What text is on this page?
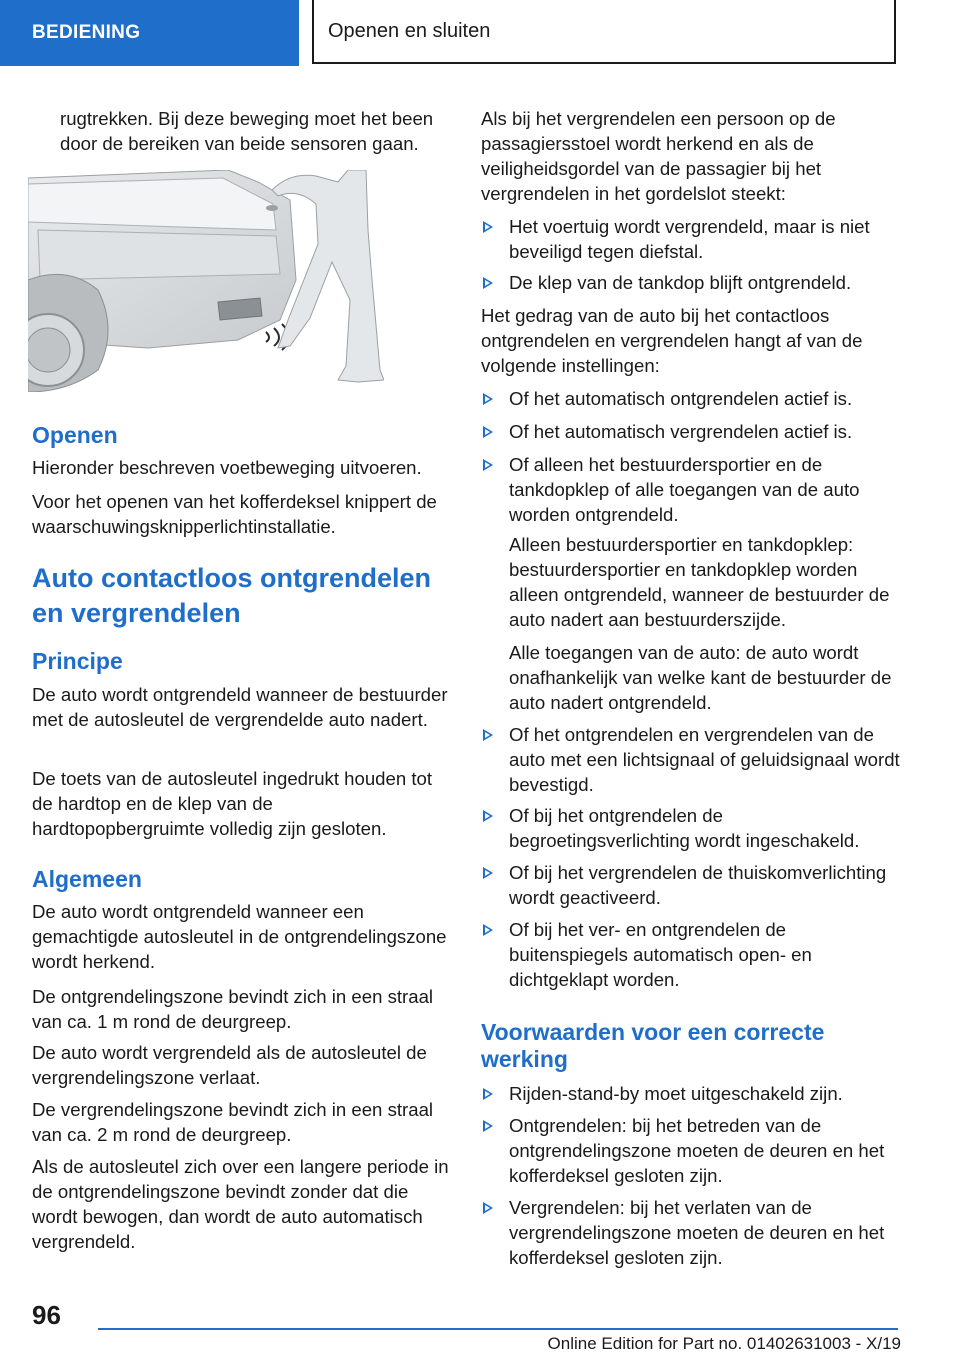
BEDIENING	Openen en sluiten

rugtrekken. Bij deze beweging moet het been door de bereiken van beide sensoren gaan.

Openen

Hieronder beschreven voetbeweging uitvoeren.

Voor het openen van het kofferdeksel knippert de waarschuwingsknipperlichtinstallatie.

Auto contactloos ontgrendelen en vergrendelen
Principe

De auto wordt ontgrendeld wanneer de bestuurder met de autosleutel de vergrendelde auto nadert.

De toets van de autosleutel ingedrukt houden tot de hardtop en de klep van de hardtopopbergruimte volledig zijn gesloten.

Algemeen

De auto wordt ontgrendeld wanneer een gemachtigde autosleutel in de ontgrendelingszone wordt herkend.

De ontgrendelingszone bevindt zich in een straal van ca. 1 m rond de deurgreep.

De auto wordt vergrendeld als de autosleutel de vergrendelingszone verlaat.

De vergrendelingszone bevindt zich in een straal van ca. 2 m rond de deurgreep.

Als de autosleutel zich over een langere periode in de ontgrendelingszone bevindt zonder dat die wordt bewogen, dan wordt de auto automatisch vergrendeld.

Als bij het vergrendelen een persoon op de passagiersstoel wordt herkend en als de veiligheidsgordel van de passagier bij het vergrendelen in het gordelslot steekt:

Het voertuig wordt vergrendeld, maar is niet beveiligd tegen diefstal.
De klep van de tankdop blijft ontgrendeld.

Het gedrag van de auto bij het contactloos ontgrendelen en vergrendelen hangt af van de volgende instellingen:

Of het automatisch ontgrendelen actief is.
Of het automatisch vergrendelen actief is.
Of alleen het bestuurdersportier en de tankdopklep of alle toegangen van de auto worden ontgrendeld.

Alleen bestuurdersportier en tankdopklep: bestuurdersportier en tankdopklep worden alleen ontgrendeld, wanneer de bestuurder de auto nadert aan bestuurderszijde.

Alle toegangen van de auto: de auto wordt onafhankelijk van welke kant de bestuurder de auto nadert ontgrendeld.

Of het ontgrendelen en vergrendelen van de auto met een lichtsignaal of geluidsignaal wordt bevestigd.
Of bij het ontgrendelen de begroetingsverlichting wordt ingeschakeld.
Of bij het vergrendelen de thuiskomverlichting wordt geactiveerd.
Of bij het ver- en ontgrendelen de buitenspiegels automatisch open- en dichtgeklapt worden.
Voorwaarden voor een correcte werking
Rijden-stand-by moet uitgeschakeld zijn.
Ontgrendelen: bij het betreden van de ontgrendelingszone moeten de deuren en het kofferdeksel gesloten zijn.
Vergrendelen: bij het verlaten van de vergrendelingszone moeten de deuren en het kofferdeksel gesloten zijn.
96
Online Edition for Part no. 01402631003 - X/19
